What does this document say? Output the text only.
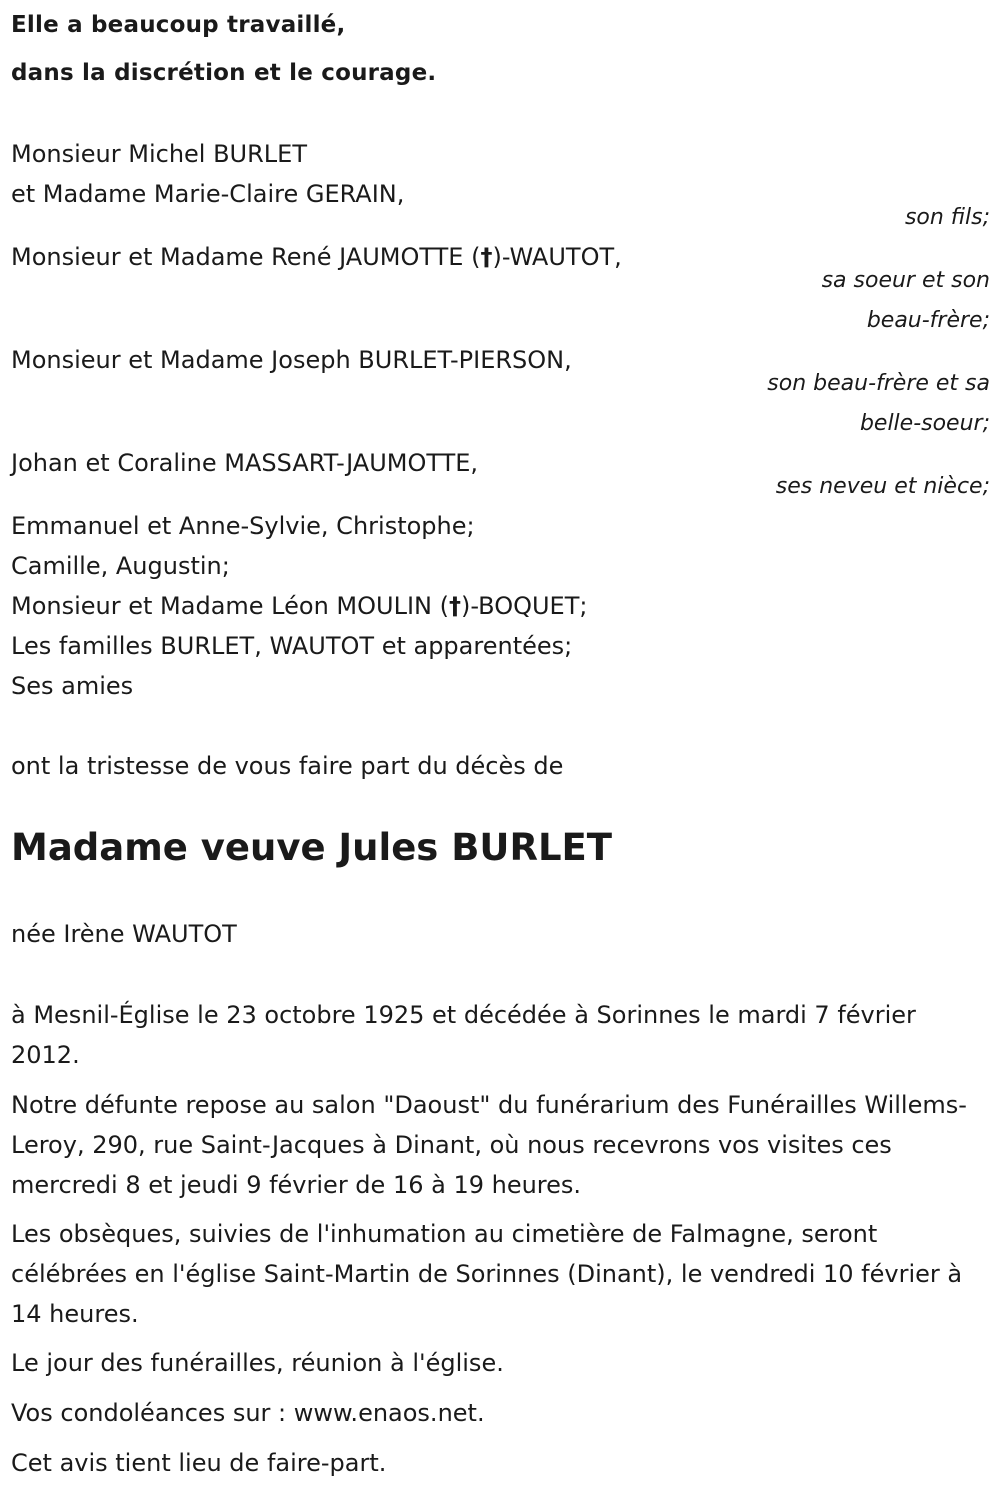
Elle a beaucoup travaillé,
dans la discrétion et le courage.
Monsieur Michel BURLET
et Madame Marie-Claire GERAIN,
son fils;
Monsieur et Madame René JAUMOTTE (†)-WAUTOT,
sa soeur et son
beau-frère;
Monsieur et Madame Joseph BURLET-PIERSON,
son beau-frère et sa
belle-soeur;
Johan et Coraline MASSART-JAUMOTTE,
ses neveu et nièce;
Emmanuel et Anne-Sylvie, Christophe;
Camille, Augustin;
Monsieur et Madame Léon MOULIN (†)-BOQUET;
Les familles BURLET, WAUTOT et apparentées;
Ses amies
ont la tristesse de vous faire part du décès de
Madame veuve Jules BURLET
née Irène WAUTOT
à Mesnil-Église le 23 octobre 1925 et décédée à Sorinnes le mardi 7 février 2012.
Notre défunte repose au salon "Daoust" du funérarium des Funérailles Willems-Leroy, 290, rue Saint-Jacques à Dinant, où nous recevrons vos visites ces mercredi 8 et jeudi 9 février de 16 à 19 heures.
Les obsèques, suivies de l'inhumation au cimetière de Falmagne, seront célébrées en l'église Saint-Martin de Sorinnes (Dinant), le vendredi 10 février à 14 heures.
Le jour des funérailles, réunion à l'église.
Vos condoléances sur : www.enaos.net.
Cet avis tient lieu de faire-part.
